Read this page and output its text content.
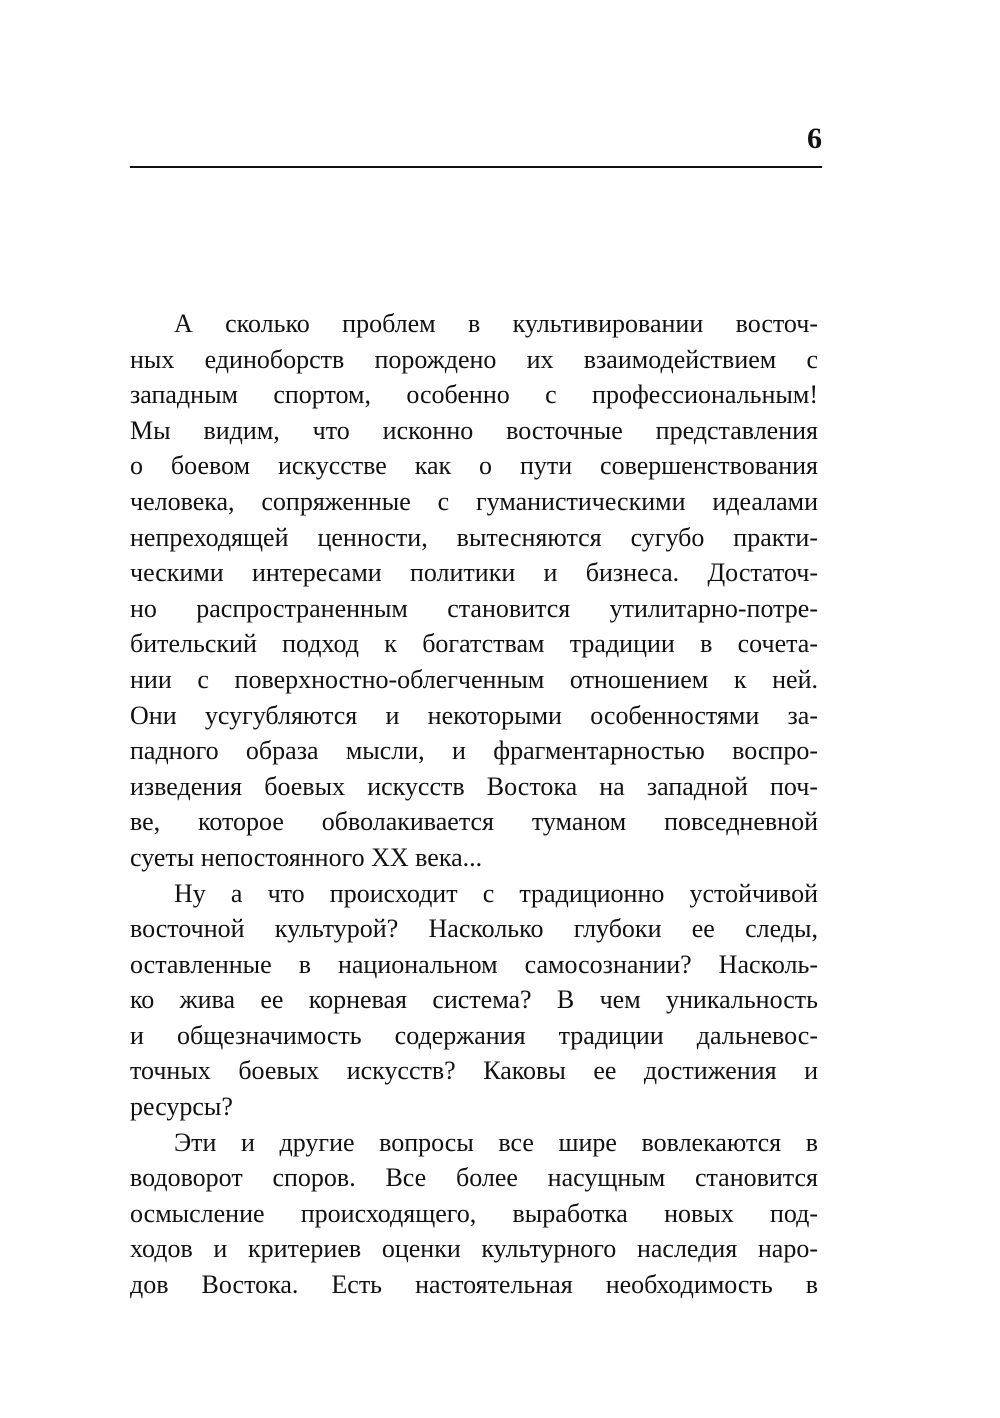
6
А сколько проблем в культивировании восточ-
ных единоборств порождено их взаимодействием с
западным спортом, особенно с профессиональным!
Мы видим, что исконно восточные представления
о боевом искусстве как о пути совершенствования
человека, сопряженные с гуманистическими идеалами
непреходящей ценности, вытесняются сугубо практи-
ческими интересами политики и бизнеса. Достаточ-
но распространенным становится утилитарно-потре-
бительский подход к богатствам традиции в сочета-
нии с поверхностно-облегченным отношением к ней.
Они усугубляются и некоторыми особенностями за-
падного образа мысли, и фрагментарностью воспро-
изведения боевых искусств Востока на западной поч-
ве, которое обволакивается туманом повседневной
суеты непостоянного XX века...
Ну а что происходит с традиционно устойчивой
восточной культурой? Насколько глубоки ее следы,
оставленные в национальном самосознании? Насколь-
ко жива ее корневая система? В чем уникальность
и общезначимость содержания традиции дальневос-
точных боевых искусств? Каковы ее достижения и
ресурсы?
Эти и другие вопросы все шире вовлекаются в
водоворот споров. Все более насущным становится
осмысление происходящего, выработка новых под-
ходов и критериев оценки культурного наследия наро-
дов Востока. Есть настоятельная необходимость в
